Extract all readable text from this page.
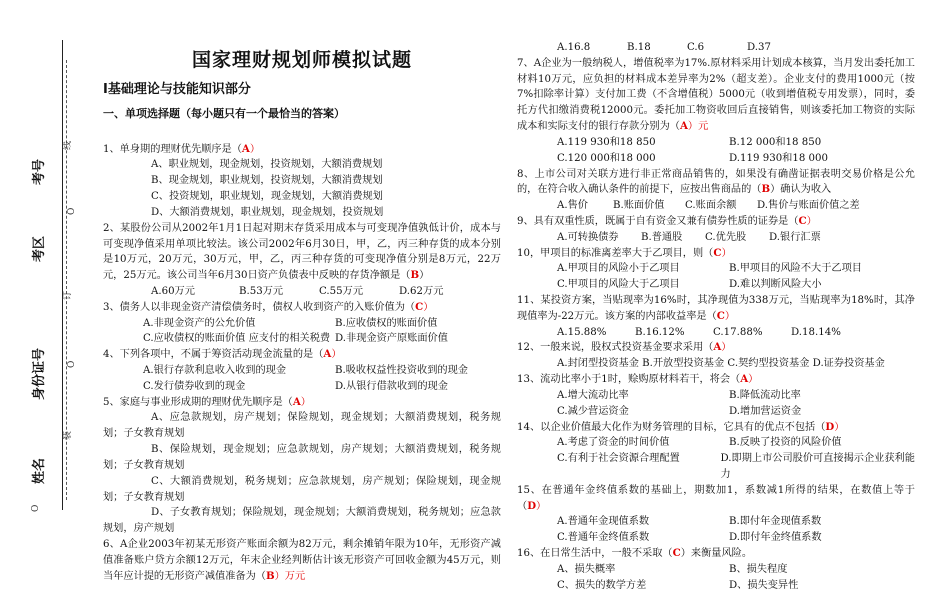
考号
考区
身份证号
姓名
线
订
装
O
O
O
国家理财规划师模拟试题
Ⅰ基础理论与技能知识部分
一、单项选择题（每小题只有一个最恰当的答案）

1、单身期的理财优先顺序是（A）

A、职业规划，现金规划，投资规划，大额消费规划

B、现金规划，职业规划，投资规划，大额消费规划

C、投资规划，职业规划，现金规划，大额消费规划

D、大额消费规划，职业规划，现金规划，投资规划

2、某股份公司从2002年1月1日起对期末存货采用成本与可变现净值孰低计价，成本与可变现净值采用单项比较法。该公司2002年6月30日，甲，乙，丙三种存货的成本分别是10万元，20万元，30万元，甲，乙，丙三种存货的可变现净值分别是8万元，22万元，25万元。该公司当年6月30日资产负债表中反映的存货净额是（B）

A.60万元	B.53万元	C.55万元	D.62万元

3、债务人以非现金资产清偿债务时，债权人收到资产的入账价值为（C）

A.非现金资产的公允价值	B.应收债权的账面价值
C.应收债权的账面价值 应支付的相关税费 D.非现金资产原账面价值

4、下列各项中，不属于筹资活动现金流量的是（A）

A.银行存款利息收入收到的现金	B.吸收权益性投资收到的现金
C.发行债券收到的现金	D.从银行借款收到的现金

5、家庭与事业形成期的理财优先顺序是（A）

A、应急款规划，房产规划；保险规划，现金规划；大额消费规划，税务规划；子女教育规划

B、保险规划，现金规划；应急款规划，房产规划；大额消费规划，税务规划；子女教育规划

C、大额消费规划，税务规划；应急款规划，房产规划；保险规划，现金规划；子女教育规划

D、子女教育规划；保险规划，现金规划；大额消费规划，税务规划；应急款规划，房产规划

6、A企业2003年初某无形资产账面余额为82万元，剩余摊销年限为10年，无形资产减值准备账户贷方余额12万元，年末企业经判断估计该无形资产可回收金额为45万元，则当年应计提的无形资产减值准备为（B）万元

A.16.8	B.18	C.6	D.37

7、A企业为一般纳税人，增值税率为17%.原材料采用计划成本核算，当月发出委托加工材料10万元，应负担的材料成本差异率为2%（超支差）。企业支付的费用1000元（按7%扣除率计算）支付加工费（不含增值税）5000元（收到增值税专用发票），同时，委托方代扣缴消费税12000元。委托加工物资收回后直接销售，则该委托加工物资的实际成本和实际支付的银行存款分别为（A）元

A.119 930和18 850	B.12 000和18 850
C.120 000和18 000	D.119 930和18 000

8、上市公司对关联方进行非正常商品销售的，如果没有确凿证据表明交易价格是公允的，在符合收入确认条件的前提下，应按出售商品的（B）确认为收入

A.售价	B.账面价值	C.账面余额	D.售价与账面价值之差

9、具有双重性质，既属于自有资金又兼有债券性质的证券是（C）

A.可转换债券	B.普通股	C.优先股	D.银行汇票

10，甲项目的标准离差率大于乙项目，则（C）

A.甲项目的风险小于乙项目	B.甲项目的风险不大于乙项目
C.甲项目的风险大于乙项目	D.难以判断风险大小

11、某投资方案，当贴现率为16%时，其净现值为338万元，当贴现率为18%时，其净现值率为-22万元。该方案的内部收益率是（C）

A.15.88%	B.16.12%	C.17.88%	D.18.14%

12、一般来说，股权式投资基金要求采用（A）

A.封闭型投资基金 B.开放型投资基金 C.契约型投资基金 D.证券投资基金

13、流动比率小于1时，赊购原材料若干，将会（A）

A.增大流动比率	B.降低流动比率
C.减少营运资金	D.增加营运资金

14、以企业价值最大化作为财务管理的目标，它具有的优点不包括（D）

A.考虑了资金的时间价值	B.反映了投资的风险价值
C.有利于社会资源合理配置	D.即期上市公司股价可直接揭示企业获利能力

15、在普通年金终值系数的基础上，期数加1，系数减1所得的结果，在数值上等于（D）

A.普通年金现值系数	B.即付年金现值系数
C.普通年金终值系数	D.即付年金终值系数

16、在日常生活中，一般不采取（C）来衡量风险。

A、损失概率	B、损失程度
C、损失的数学方差	D、损失变异性
